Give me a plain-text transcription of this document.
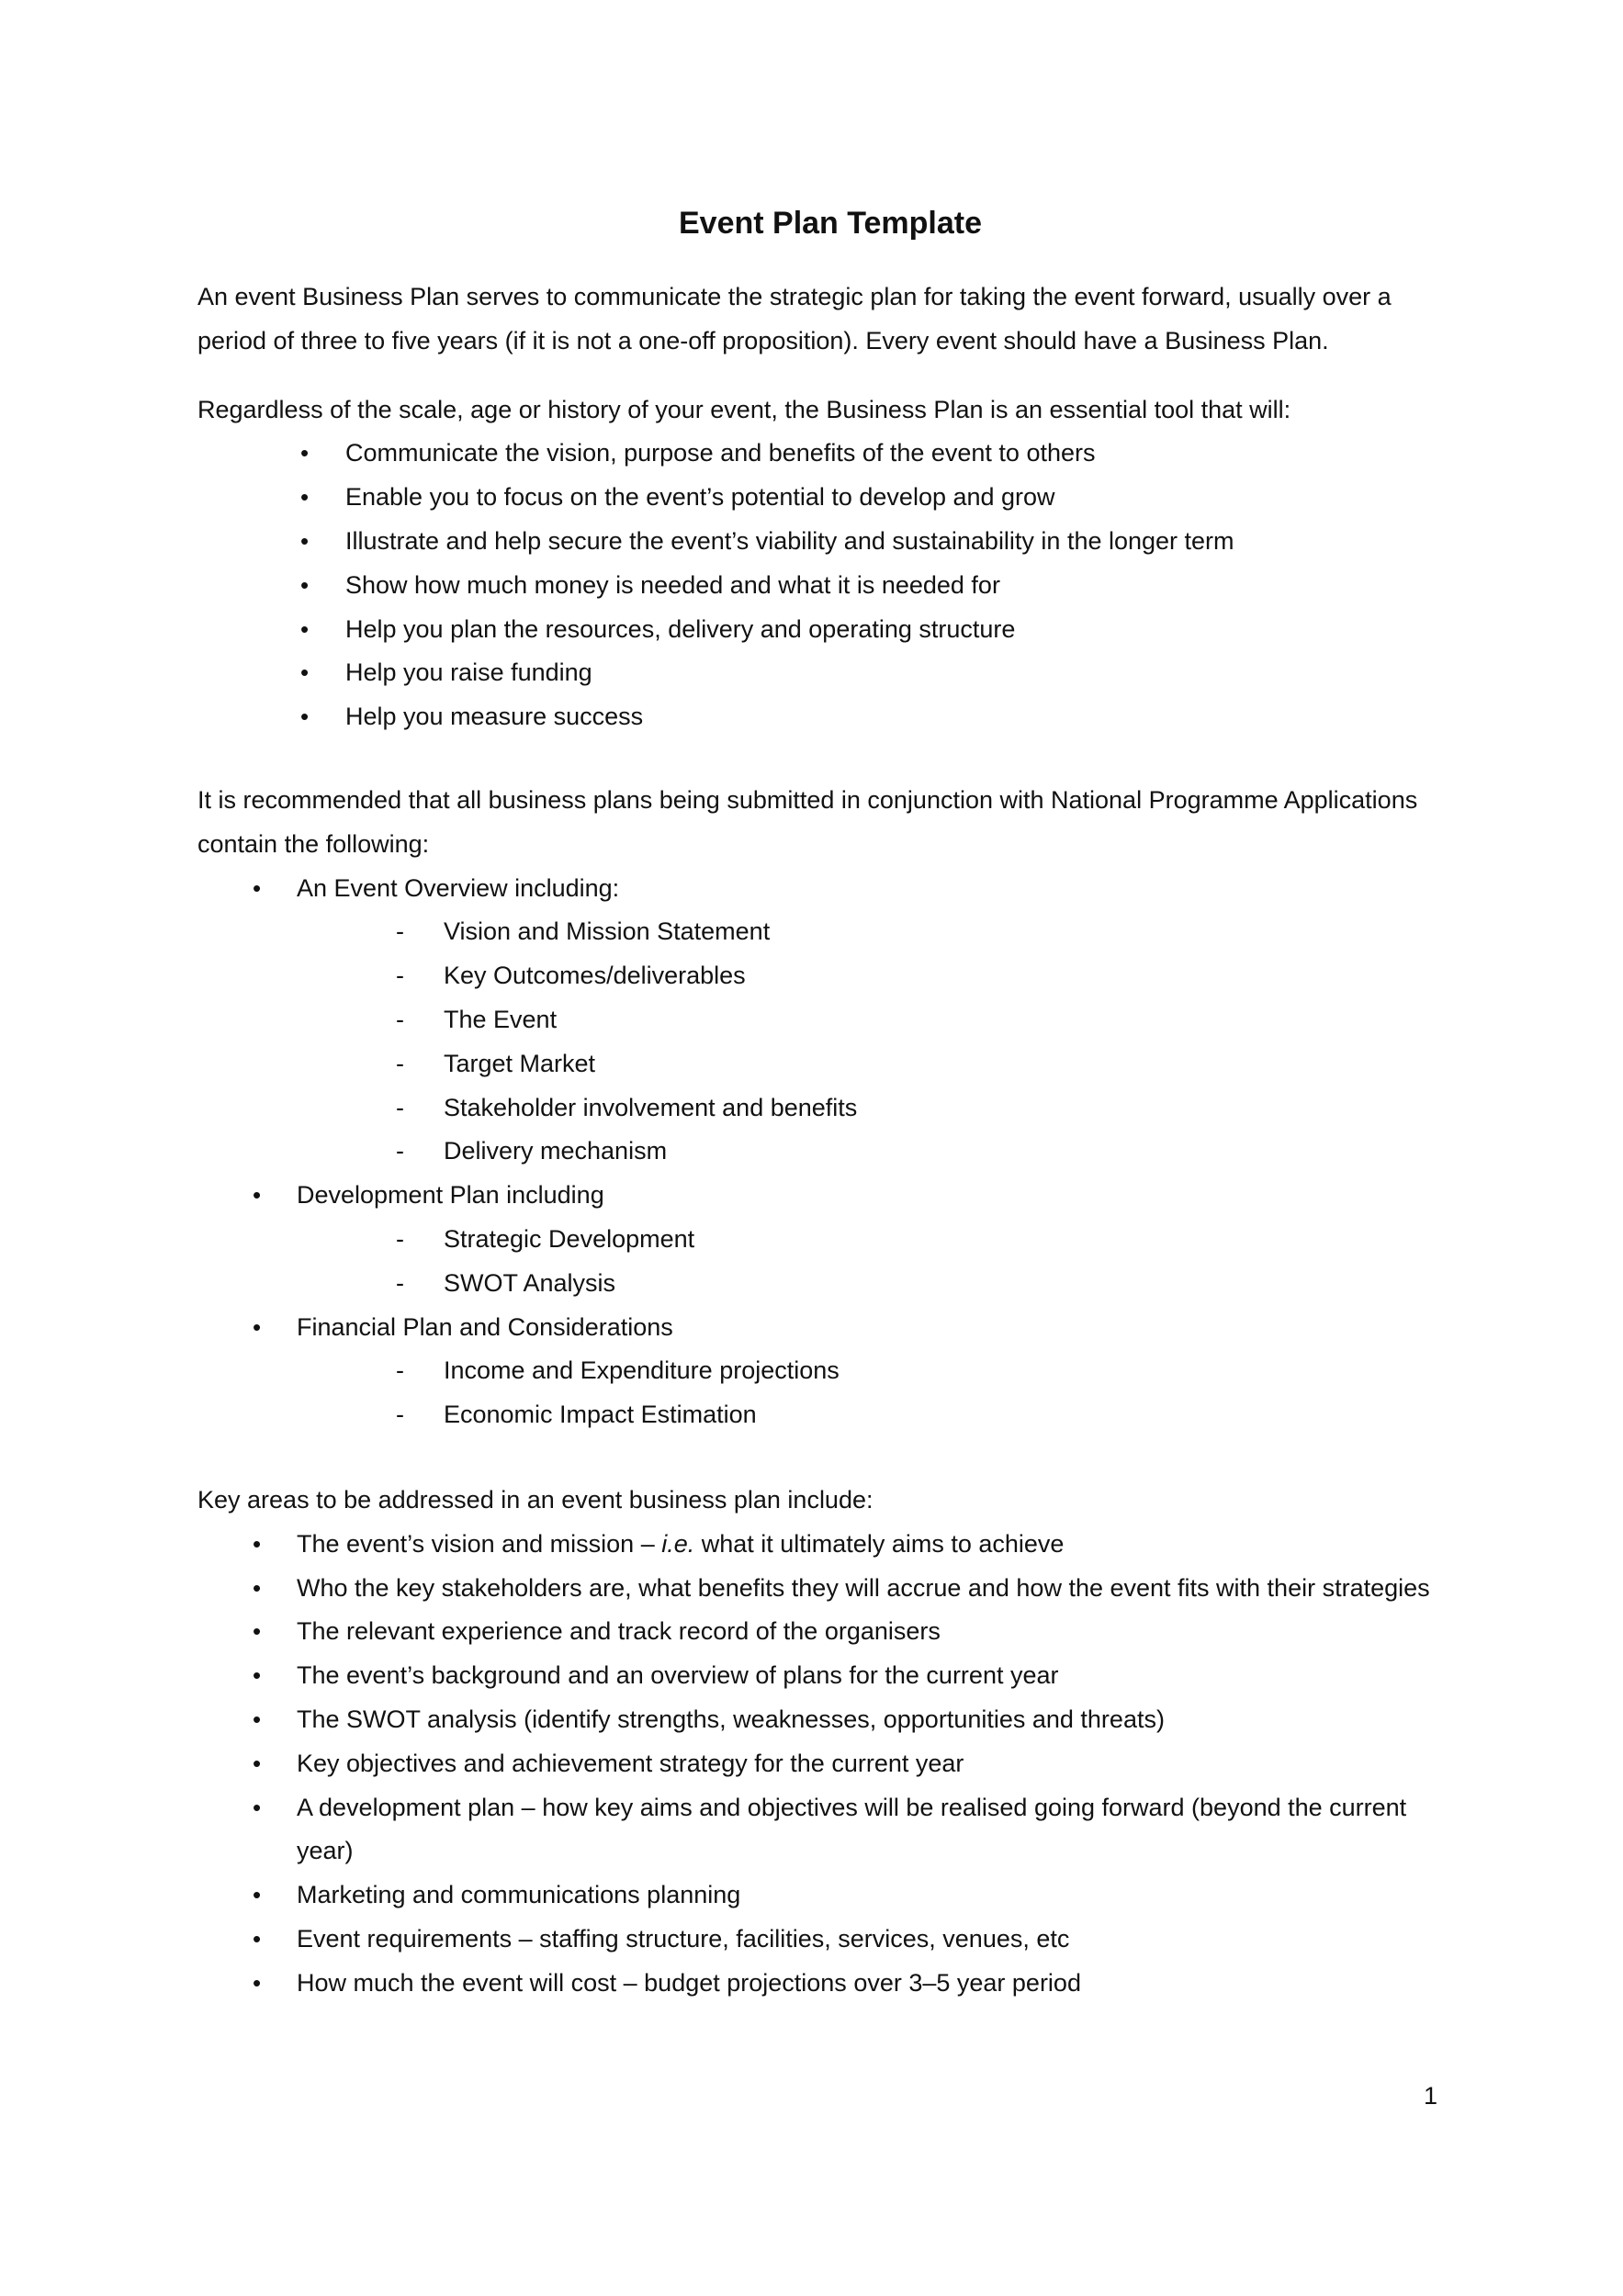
Event Plan Template

An event Business Plan serves to communicate the strategic plan for taking the event forward, usually over a period of three to five years (if it is not a one-off proposition). Every event should have a Business Plan.

Regardless of the scale, age or history of your event, the Business Plan is an essential tool that will:

• Communicate the vision, purpose and benefits of the event to others
• Enable you to focus on the event’s potential to develop and grow
• Illustrate and help secure the event’s viability and sustainability in the longer term
• Show how much money is needed and what it is needed for
• Help you plan the resources, delivery and operating structure
• Help you raise funding
• Help you measure success

It is recommended that all business plans being submitted in conjunction with National Programme Applications contain the following:

• An Event Overview including:
- Vision and Mission Statement
- Key Outcomes/deliverables
- The Event
- Target Market
- Stakeholder involvement and benefits
- Delivery mechanism
• Development Plan including
- Strategic Development
- SWOT Analysis
• Financial Plan and Considerations
- Income and Expenditure projections
- Economic Impact Estimation

Key areas to be addressed in an event business plan include:

• The event’s vision and mission – i.e. what it ultimately aims to achieve
• Who the key stakeholders are, what benefits they will accrue and how the event fits with their strategies
• The relevant experience and track record of the organisers
• The event’s background and an overview of plans for the current year
• The SWOT analysis (identify strengths, weaknesses, opportunities and threats)
• Key objectives and achievement strategy for the current year
• A development plan – how key aims and objectives will be realised going forward (beyond the current year)
• Marketing and communications planning
• Event requirements – staffing structure, facilities, services, venues, etc
• How much the event will cost – budget projections over 3–5 year period
1
